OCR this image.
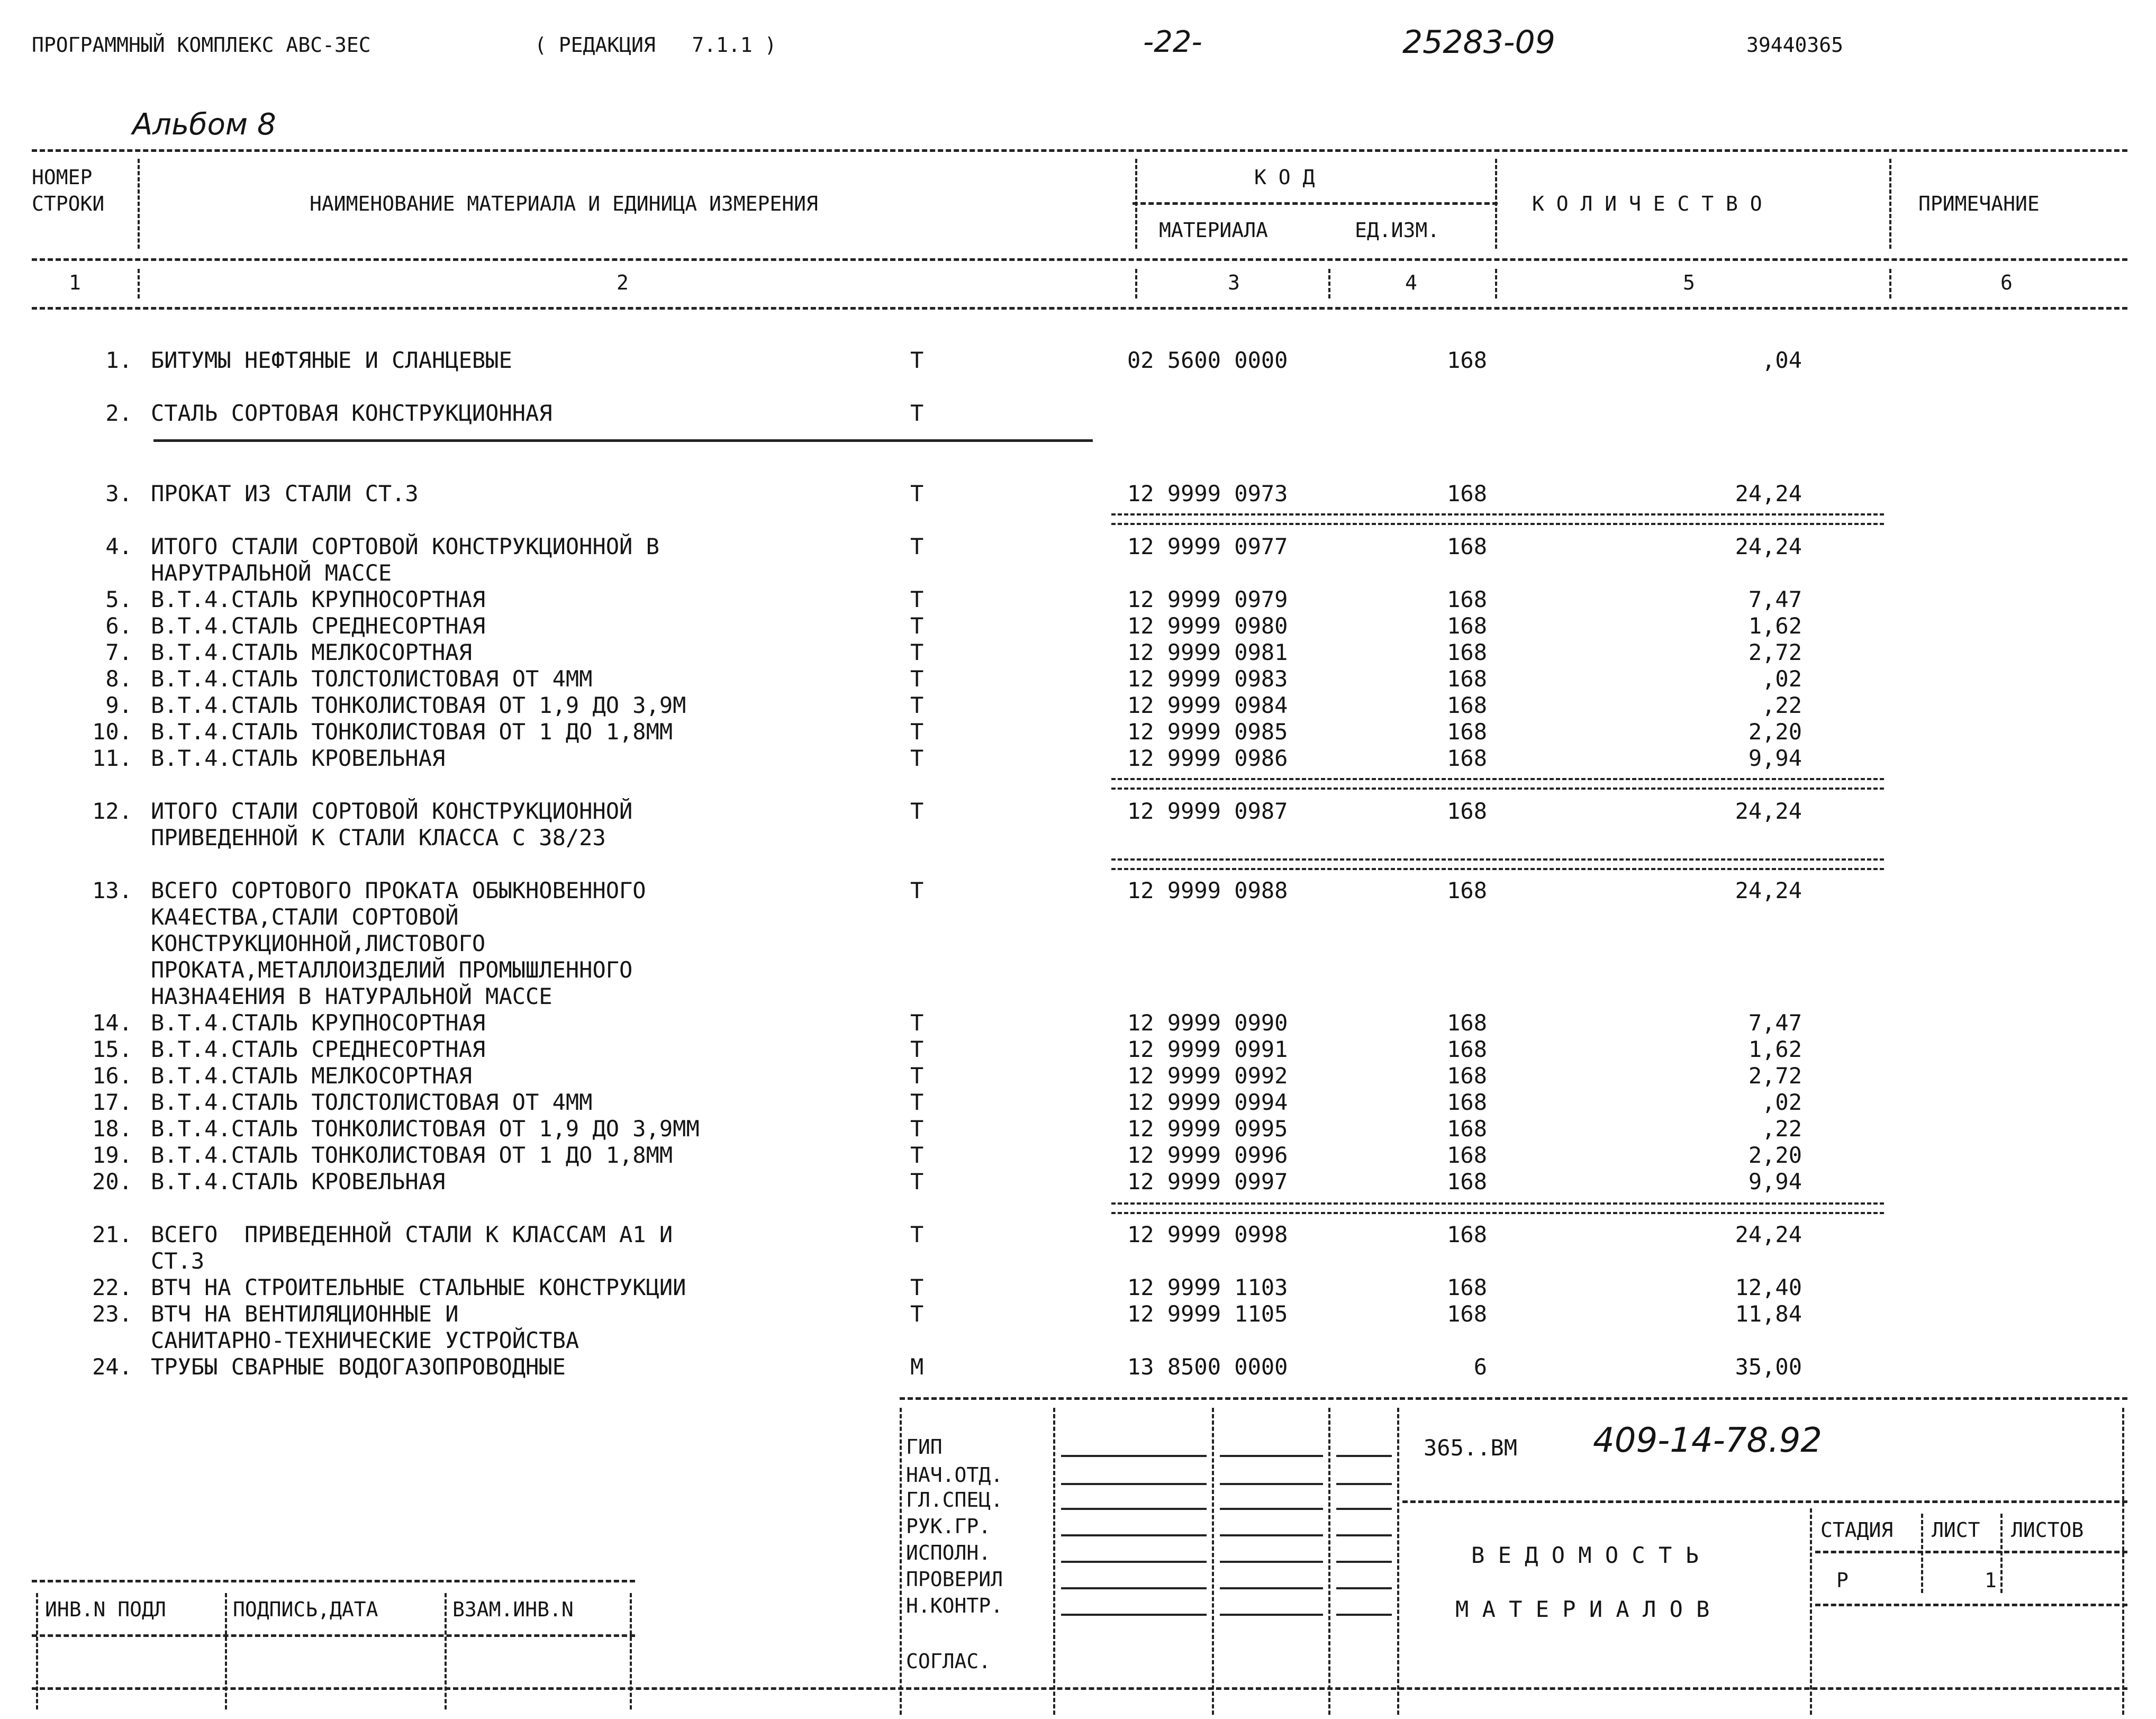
ПРОГРАММНЫЙ КОМПЛЕКС АВС-3ЕС	( РЕДАКЦИЯ   7.1.1 )	-22-	25283-09	39440365
Альбом 8
НОМЕР
СТРОКИ	НАИМЕНОВАНИЕ МАТЕРИАЛА И ЕДИНИЦА ИЗМЕРЕНИЯ
К О Д
МАТЕРИАЛА	ЕД.ИЗМ.
К О Л И Ч Е С Т В О	ПРИМЕЧАНИЕ
1	2	3	4	5	6
1. БИТУМЫ НЕФТЯНЫЕ И СЛАНЦЕВЫЕ	Т	02 5600 0000	168	,04
2. СТАЛЬ СОРТОВАЯ КОНСТРУКЦИОННАЯ	Т
3. ПРОКАТ ИЗ СТАЛИ СТ.3	Т	12 9999 0973	168	24,24
4. ИТОГО СТАЛИ СОРТОВОЙ КОНСТРУКЦИОННОЙ В
НАРУТРАЛЬНОЙ МАССЕ
Т	12 9999 0977	168	24,24
5. В.Т.4.СТАЛЬ КРУПНОСОРТНАЯ	Т	12 9999 0979	168	7,47
6. В.Т.4.СТАЛЬ СРЕДНЕСОРТНАЯ	Т	12 9999 0980	168	1,62
7. В.Т.4.СТАЛЬ МЕЛКОСОРТНАЯ	Т	12 9999 0981	168	2,72
8. В.Т.4.СТАЛЬ ТОЛСТОЛИСТОВАЯ ОТ 4ММ	Т	12 9999 0983	168	,02
9. В.Т.4.СТАЛЬ ТОНКОЛИСТОВАЯ ОТ 1,9 ДО 3,9М	Т	12 9999 0984	168	,22
10. В.Т.4.СТАЛЬ ТОНКОЛИСТОВАЯ ОТ 1 ДО 1,8ММ	Т	12 9999 0985	168	2,20
11. В.Т.4.СТАЛЬ КРОВЕЛЬНАЯ	Т	12 9999 0986	168	9,94
12. ИТОГО СТАЛИ СОРТОВОЙ КОНСТРУКЦИОННОЙ
ПРИВЕДЕННОЙ К СТАЛИ КЛАССА С 38/23
Т	12 9999 0987	168	24,24
13. ВСЕГО СОРТОВОГО ПРОКАТА ОБЫКНОВЕННОГО
КА4ЕСТВА,СТАЛИ СОРТОВОЙ
КОНСТРУКЦИОННОЙ,ЛИСТОВОГО
ПРОКАТА,МЕТАЛЛОИЗДЕЛИЙ ПРОМЫШЛЕННОГО
НАЗНА4ЕНИЯ В НАТУРАЛЬНОЙ МАССЕ
Т	12 9999 0988	168	24,24
14. В.Т.4.СТАЛЬ КРУПНОСОРТНАЯ	Т	12 9999 0990	168	7,47
15. В.Т.4.СТАЛЬ СРЕДНЕСОРТНАЯ	Т	12 9999 0991	168	1,62
16. В.Т.4.СТАЛЬ МЕЛКОСОРТНАЯ	Т	12 9999 0992	168	2,72
17. В.Т.4.СТАЛЬ ТОЛСТОЛИСТОВАЯ ОТ 4ММ	Т	12 9999 0994	168	,02
18. В.Т.4.СТАЛЬ ТОНКОЛИСТОВАЯ ОТ 1,9 ДО 3,9ММ	Т	12 9999 0995	168	,22
19. В.Т.4.СТАЛЬ ТОНКОЛИСТОВАЯ ОТ 1 ДО 1,8ММ	Т	12 9999 0996	168	2,20
20. В.Т.4.СТАЛЬ КРОВЕЛЬНАЯ	Т	12 9999 0997	168	9,94
21. ВСЕГО  ПРИВЕДЕННОЙ СТАЛИ К КЛАССАМ А1 И
СТ.3
Т	12 9999 0998	168	24,24
22. ВТЧ НА СТРОИТЕЛЬНЫЕ СТАЛЬНЫЕ КОНСТРУКЦИИ	Т	12 9999 1103	168	12,40
23. ВТЧ НА ВЕНТИЛЯЦИОННЫЕ И
САНИТАРНО-ТЕХНИЧЕСКИЕ УСТРОЙСТВА
Т	12 9999 1105	168	11,84
24. ТРУБЫ СВАРНЫЕ ВОДОГАЗОПРОВОДНЫЕ	М	13 8500 0000	6	35,00
ГИП
НАЧ.ОТД.
ГЛ.СПЕЦ.
РУК.ГР.
ИСПОЛН.
ПРОВЕРИЛ
Н.КОНТР.
СОГЛАС.
365..ВМ 409-14-78.92
В Е Д О М О С Т Ь
М А Т Е Р И А Л О В
СТАДИЯ ЛИСТ ЛИСТОВ
Р	1
ИНВ.N ПОДЛ	ПОДПИСЬ,ДАТА	ВЗАМ.ИНВ.N
